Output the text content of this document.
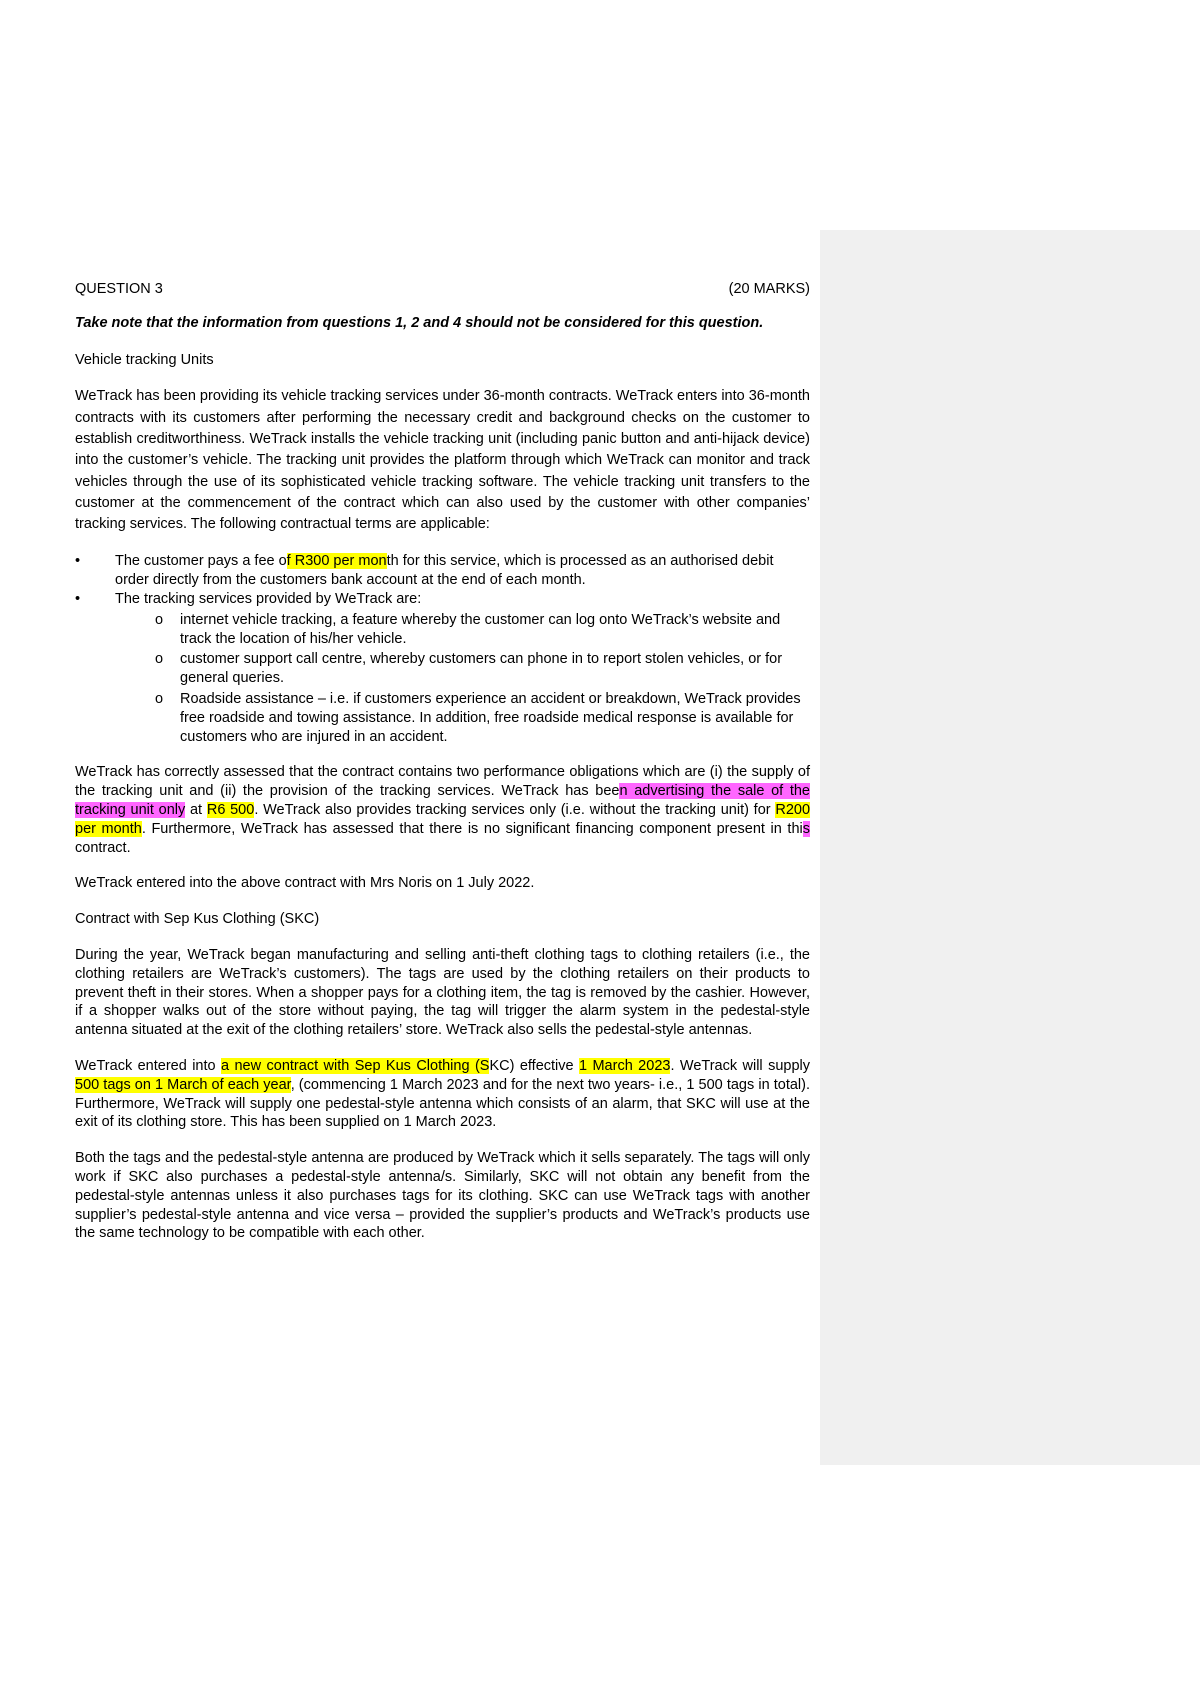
QUESTION 3	(20 MARKS)
Take note that the information from questions 1, 2 and 4 should not be considered for this question.
Vehicle tracking Units

WeTrack has been providing its vehicle tracking services under 36-month contracts. WeTrack enters into 36-month contracts with its customers after performing the necessary credit and background checks on the customer to establish creditworthiness. WeTrack installs the vehicle tracking unit (including panic button and anti-hijack device) into the customer’s vehicle. The tracking unit provides the platform through which WeTrack can monitor and track vehicles through the use of its sophisticated vehicle tracking software. The vehicle tracking unit transfers to the customer at the commencement of the contract which can also used by the customer with other companies’ tracking services. The following contractual terms are applicable:

• The customer pays a fee of R300 per month for this service, which is processed as an authorised debit order directly from the customers bank account at the end of each month.
• The tracking services provided by WeTrack are:
o internet vehicle tracking, a feature whereby the customer can log onto WeTrack’s website and track the location of his/her vehicle.
o customer support call centre, whereby customers can phone in to report stolen vehicles, or for general queries.
o Roadside assistance – i.e. if customers experience an accident or breakdown, WeTrack provides free roadside and towing assistance. In addition, free roadside medical response is available for customers who are injured in an accident.

WeTrack has correctly assessed that the contract contains two performance obligations which are (i) the supply of the tracking unit and (ii) the provision of the tracking services. WeTrack has been advertising the sale of the tracking unit only at R6 500. WeTrack also provides tracking services only (i.e. without the tracking unit) for R200 per month. Furthermore, WeTrack has assessed that there is no significant financing component present in this contract.

WeTrack entered into the above contract with Mrs Noris on 1 July 2022.

Contract with Sep Kus Clothing (SKC)

During the year, WeTrack began manufacturing and selling anti-theft clothing tags to clothing retailers (i.e., the clothing retailers are WeTrack’s customers). The tags are used by the clothing retailers on their products to prevent theft in their stores. When a shopper pays for a clothing item, the tag is removed by the cashier. However, if a shopper walks out of the store without paying, the tag will trigger the alarm system in the pedestal-style antenna situated at the exit of the clothing retailers’ store. WeTrack also sells the pedestal-style antennas.

WeTrack entered into a new contract with Sep Kus Clothing (SKC) effective 1 March 2023. WeTrack will supply 500 tags on 1 March of each year, (commencing 1 March 2023 and for the next two years- i.e., 1 500 tags in total). Furthermore, WeTrack will supply one pedestal-style antenna which consists of an alarm, that SKC will use at the exit of its clothing store. This has been supplied on 1 March 2023.

Both the tags and the pedestal-style antenna are produced by WeTrack which it sells separately. The tags will only work if SKC also purchases a pedestal-style antenna/s. Similarly, SKC will not obtain any benefit from the pedestal-style antennas unless it also purchases tags for its clothing. SKC can use WeTrack tags with another supplier’s pedestal-style antenna and vice versa – provided the supplier’s products and WeTrack’s products use the same technology to be compatible with each other.
